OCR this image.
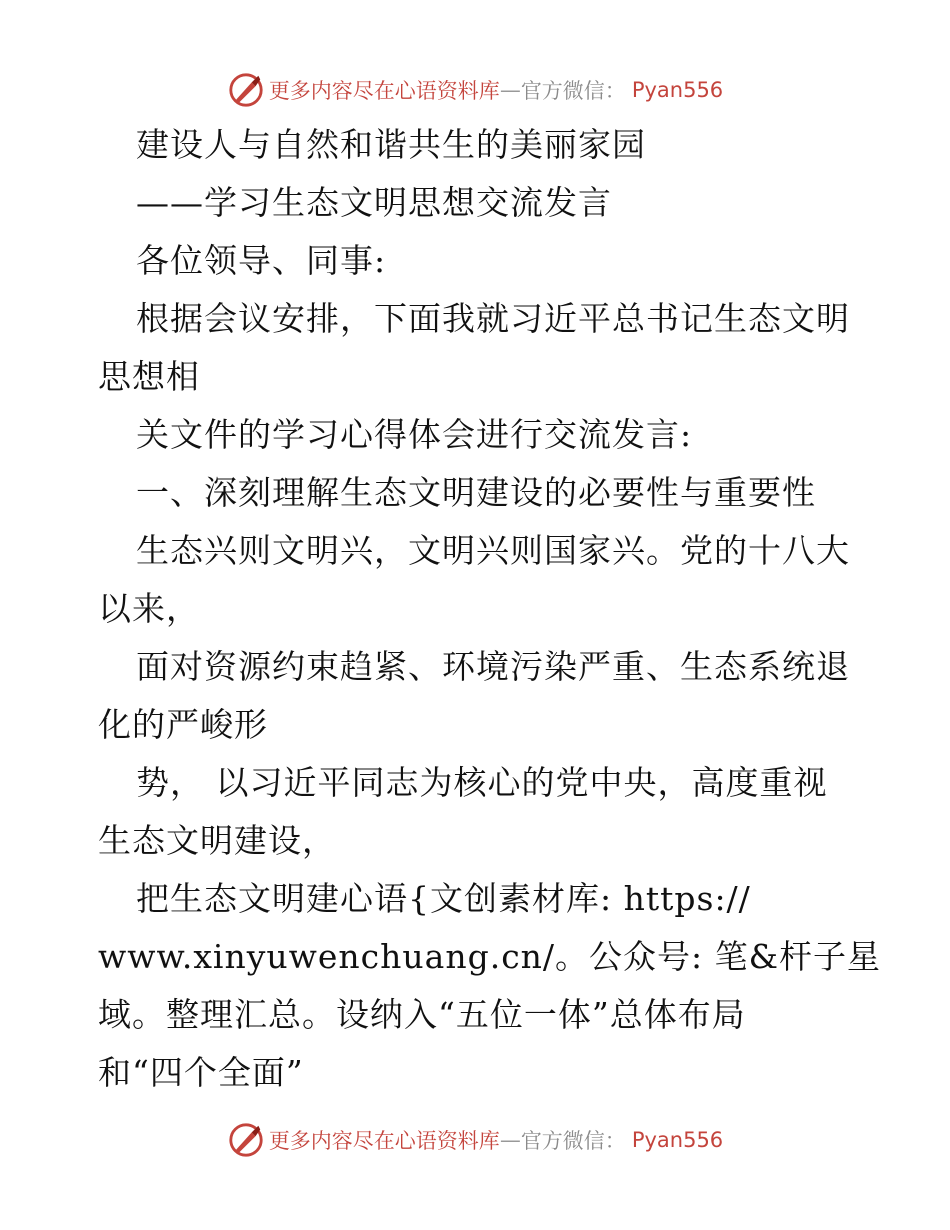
更多内容尽在心语资料库 — 官方微信： Pyan556

建设人与自然和谐共生的美丽家园

——学习生态文明思想交流发言

各位领导、同事:

根据会议安排，下面我就习近平总书记生态文明

思想相

关文件的学习心得体会进行交流发言:

一、深刻理解生态文明建设的必要性与重要性

生态兴则文明兴，文明兴则国家兴。党的十八大

以来，

面对资源约束趋紧、环境污染严重、生态系统退

化的严峻形

势， 以习近平同志为核心的党中央，高度重视

生态文明建设，

把生态文明建心语{文创素材库: https://

www.xinyuwenchuang.cn/。公众号: 笔&杆子星

域。整理汇总。设纳入“五位一体”总体布局

和“四个全面”

更多内容尽在心语资料库 — 官方微信： Pyan556
